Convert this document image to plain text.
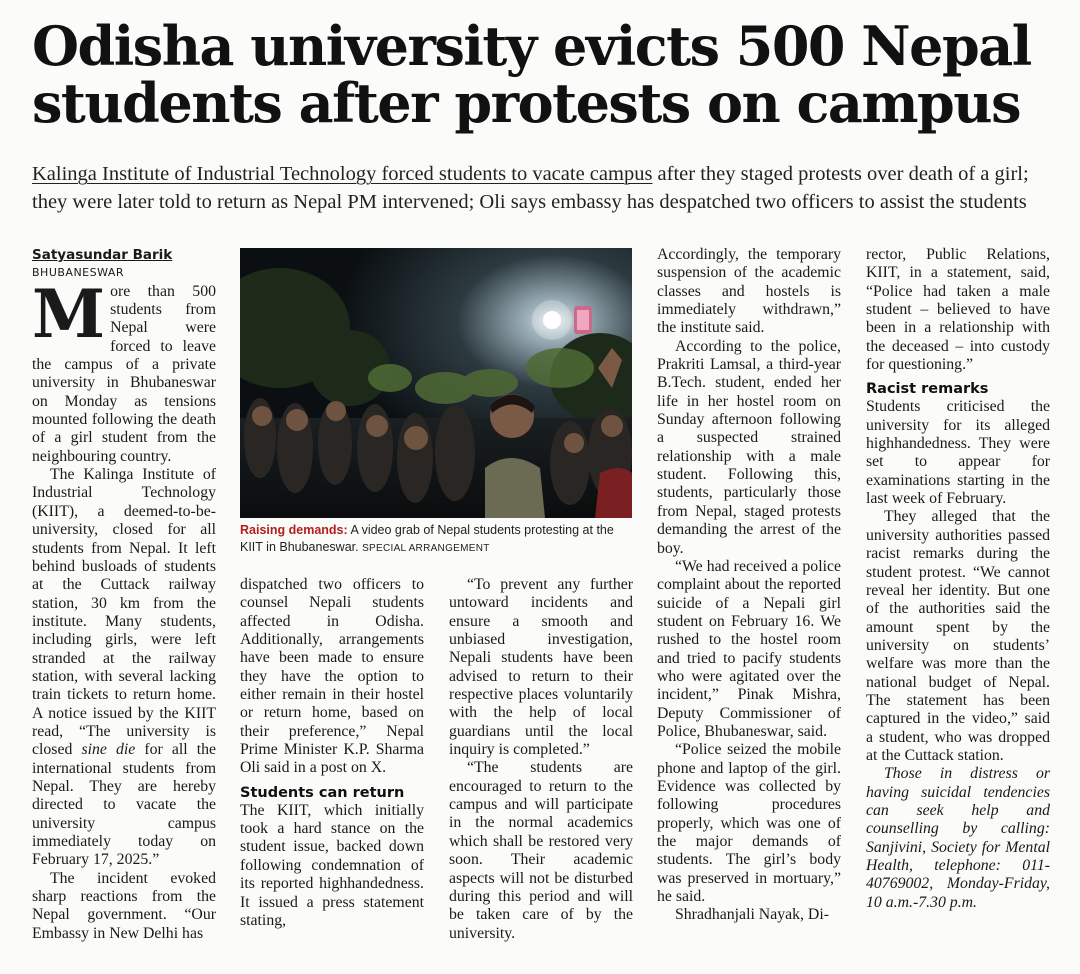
Odisha university evicts 500 Nepal students after protests on campus

Kalinga Institute of Industrial Technology forced students to vacate campus after they staged protests over death of a girl; they were later told to return as Nepal PM intervened; Oli says embassy has despatched two officers to assist the students

Satyasundar Barik

BHUBANESWAR

More than 500 students from Nepal were forced to leave the campus of a private university in Bhubaneswar on Monday as tensions mounted following the death of a girl student from the neighbouring country.

The Kalinga Institute of Industrial Technology (KIIT), a deemed-to-be-university, closed for all students from Nepal. It left behind busloads of students at the Cuttack railway station, 30 km from the institute. Many students, including girls, were left stranded at the railway station, with several lacking train tickets to return home. A notice issued by the KIIT read, “The university is closed sine die for all the international students from Nepal. They are hereby directed to vacate the university campus immediately today on February 17, 2025.”

The incident evoked sharp reactions from the Nepal government. “Our Embassy in New Delhi has

Raising demands: A video grab of Nepal students protesting at the KIIT in Bhubaneswar. SPECIAL ARRANGEMENT

dispatched two officers to counsel Nepali students affected in Odisha. Additionally, arrangements have been made to ensure they have the option to either remain in their hostel or return home, based on their preference,” Nepal Prime Minister K.P. Sharma Oli said in a post on X.

Students can return

The KIIT, which initially took a hard stance on the student issue, backed down following condemnation of its reported highhandedness. It issued a press statement stating,

“To prevent any further untoward incidents and ensure a smooth and unbiased investigation, Nepali students have been advised to return to their respective places voluntarily with the help of local guardians until the local inquiry is completed.”

“The students are encouraged to return to the campus and will participate in the normal academics which shall be restored very soon. Their academic aspects will not be disturbed during this period and will be taken care of by the university.

Accordingly, the temporary suspension of the academic classes and hostels is immediately withdrawn,” the institute said.

According to the police, Prakriti Lamsal, a third-year B.Tech. student, ended her life in her hostel room on Sunday afternoon following a suspected strained relationship with a male student. Following this, students, particularly those from Nepal, staged protests demanding the arrest of the boy.

“We had received a police complaint about the reported suicide of a Nepali girl student on February 16. We rushed to the hostel room and tried to pacify students who were agitated over the incident,” Pinak Mishra, Deputy Commissioner of Police, Bhubaneswar, said.

“Police seized the mobile phone and laptop of the girl. Evidence was collected by following procedures properly, which was one of the major demands of students. The girl’s body was preserved in mortuary,” he said.

Shradhanjali Nayak, Di-

rector, Public Relations, KIIT, in a statement, said, “Police had taken a male student – believed to have been in a relationship with the deceased – into custody for questioning.”

Racist remarks

Students criticised the university for its alleged highhandedness. They were set to appear for examinations starting in the last week of February.

They alleged that the university authorities passed racist remarks during the student protest. “We cannot reveal her identity. But one of the authorities said the amount spent by the university on students’ welfare was more than the national budget of Nepal. The statement has been captured in the video,” said a student, who was dropped at the Cuttack station.

Those in distress or having suicidal tendencies can seek help and counselling by calling: Sanjivini, Society for Mental Health, telephone: 011-40769002, Monday-Friday, 10 a.m.-7.30 p.m.
